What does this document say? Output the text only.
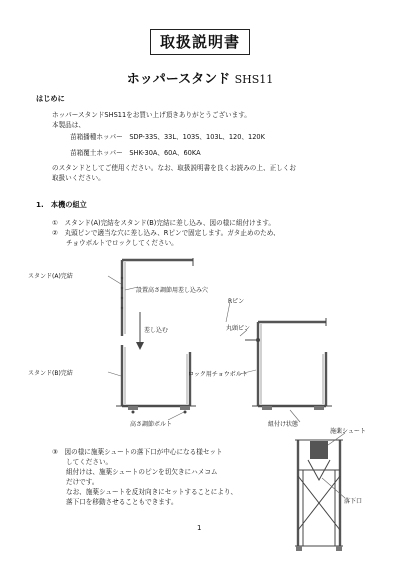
取扱説明書
ホッパースタンド SHS11
はじめに
ホッパースタンドSHS11をお買い上げ頂きありがとうございます。
本製品は、
苗箱播種ホッパー　SDP-33S、33L、103S、103L、120、120K
苗箱覆土ホッパー　SHK-30A、60A、60KA
のスタンドとしてご使用ください。なお、取扱説明書を良くお読みの上、正しくお
取扱いください。
1.　本機の組立
①　スタンド(A)完結をスタンド(B)完結に差し込み、図の様に組付けます。
②　丸頭ピンで適当な穴に差し込み、Rピンで固定します。ガタ止めのため、
チョウボルトでロックしてください。
スタンド(A)完結
設置高さ調節用差し込み穴
差し込む
Rピン
丸頭ピン
スタンド(B)完結	ロック用チョウボルト
高さ調節ボルト	組付け状態
③　図の様に施薬シュートの落下口が中心になる様セット
してください。
組付けは、施薬シュートのピンを切欠きにハメコム
だけです。
なお、施薬シュートを反対向きにセットすることにより、
落下口を移動させることもできます。
施薬シュート
落下口
1
